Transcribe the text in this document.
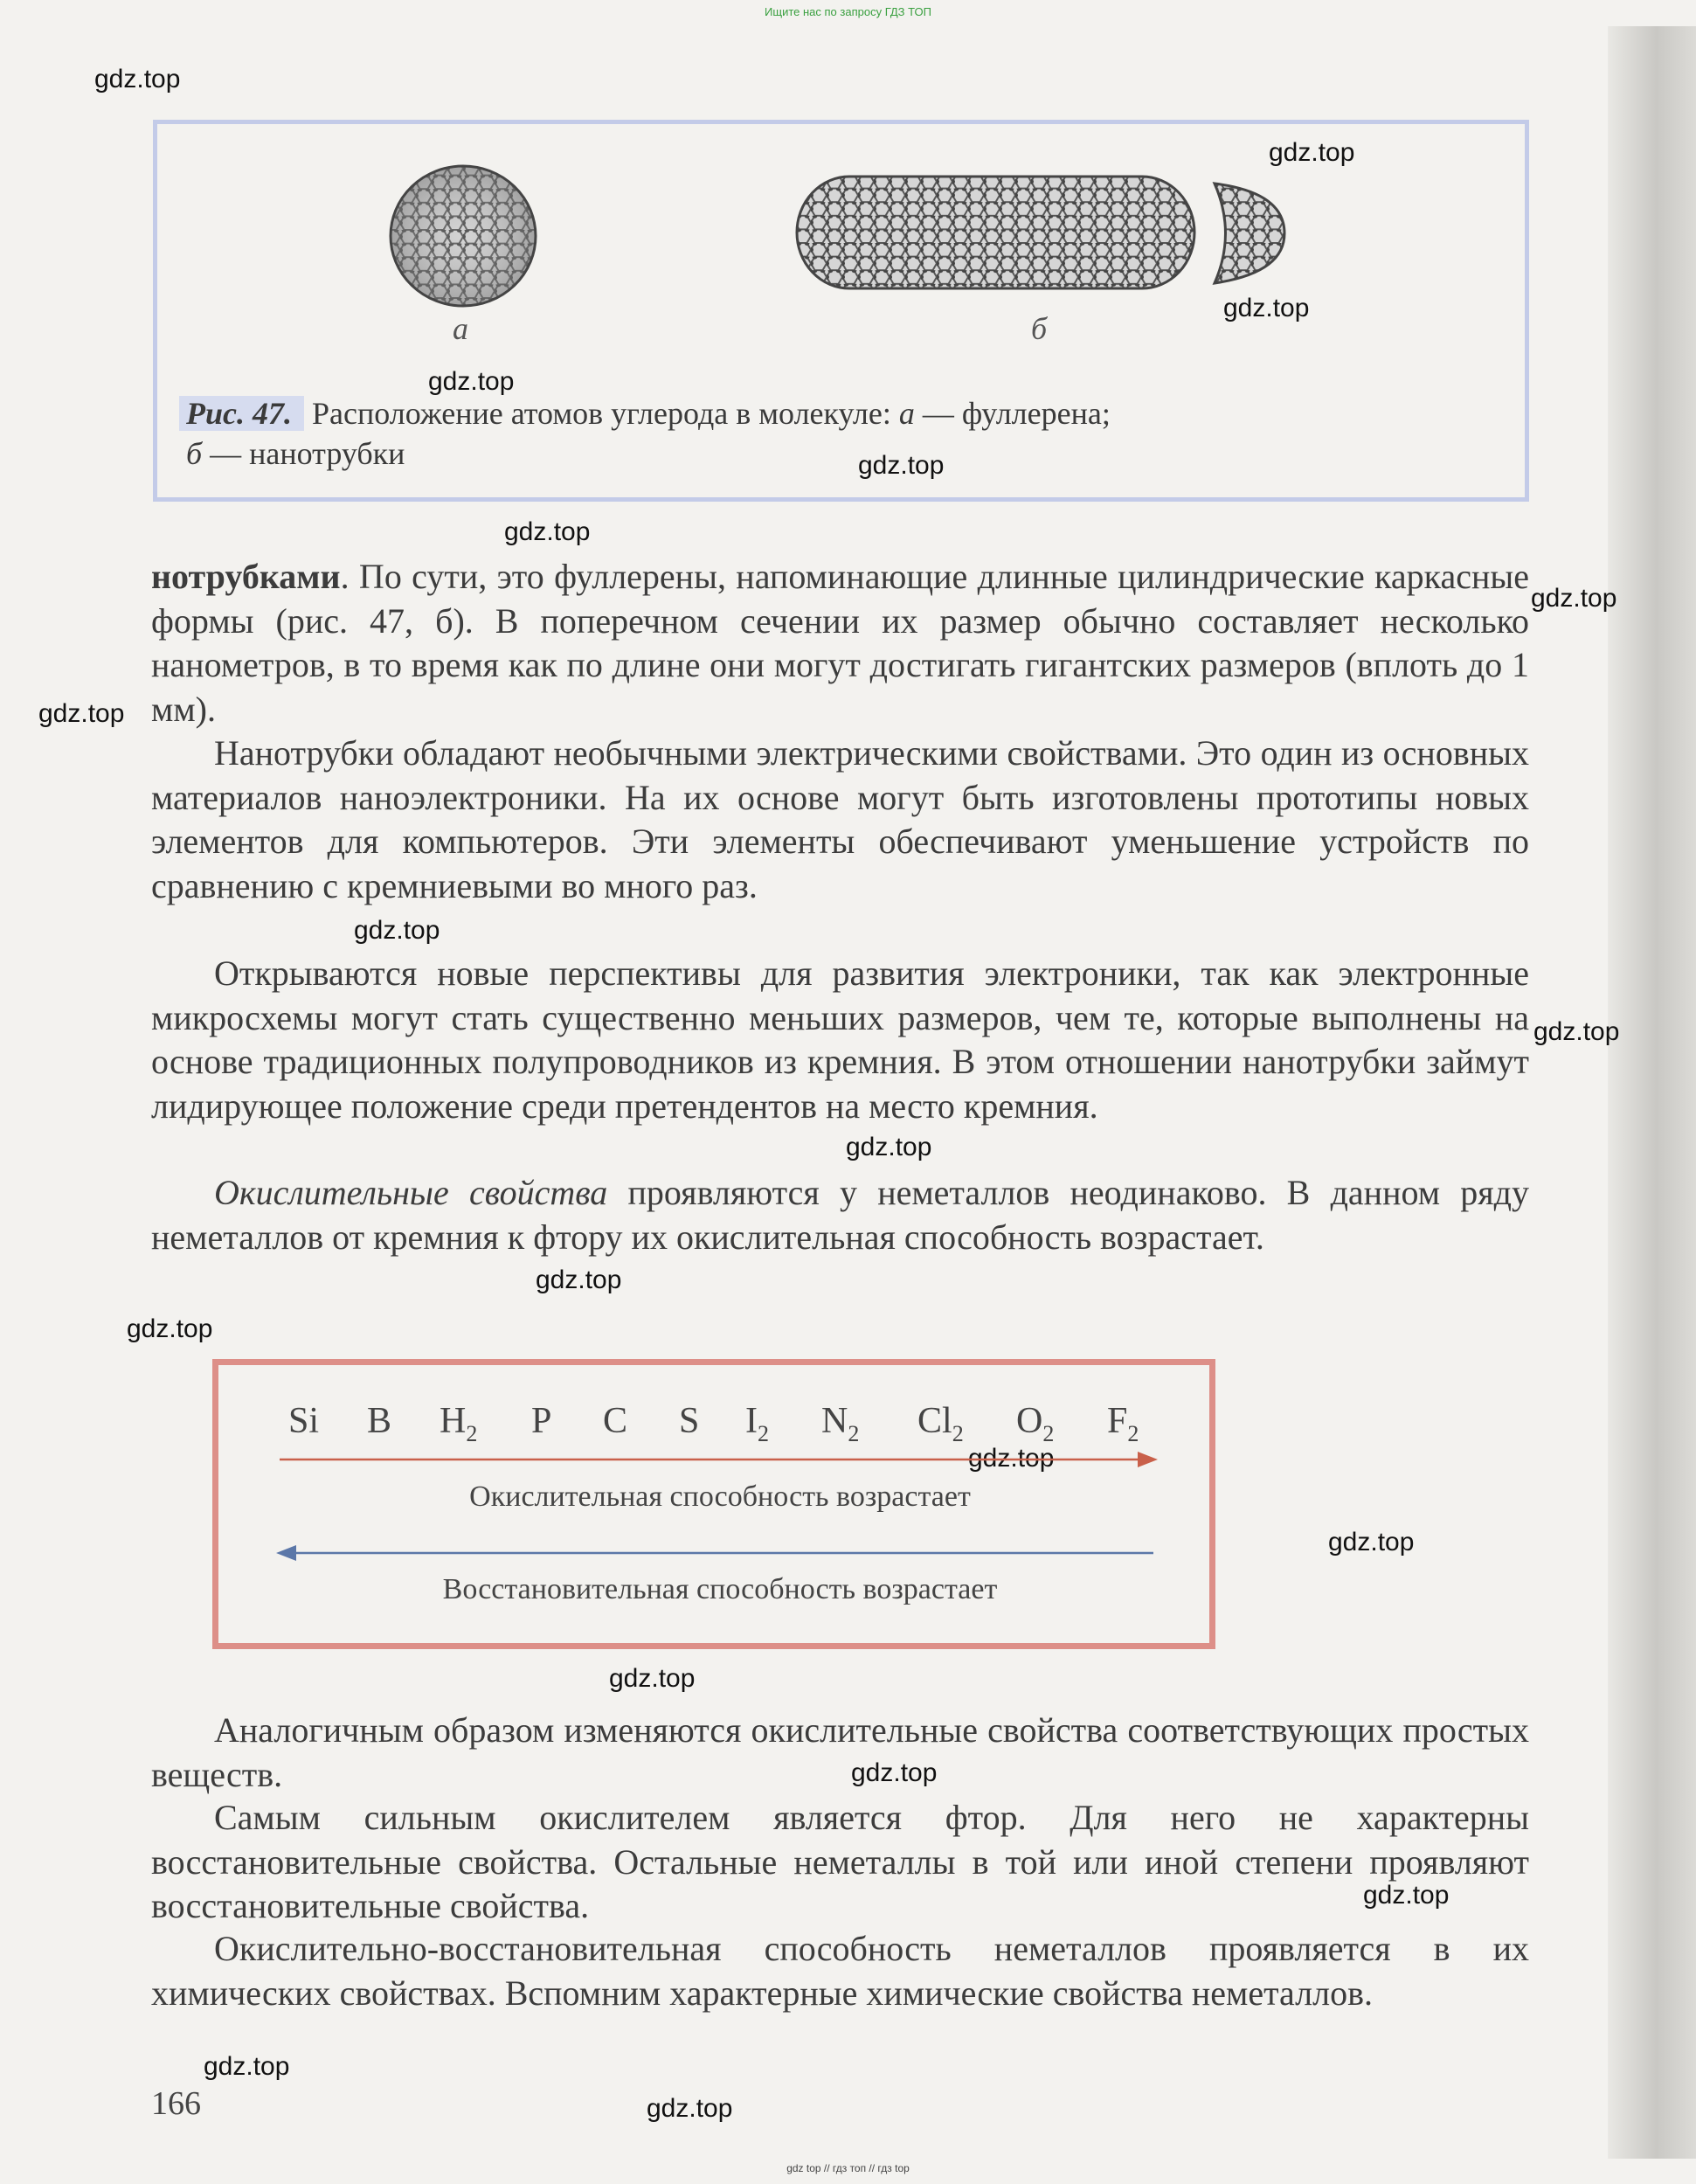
Ищите нас по запросу ГДЗ ТОП
gdz.top
gdz.top
gdz.top
gdz.top
gdz.top
gdz.top
gdz.top
gdz.top
gdz.top
gdz.top
gdz.top
gdz.top
gdz.top
gdz.top
gdz.top
gdz.top
gdz.top
gdz.top
gdz.top
gdz.top
а	б
Рис. 47. Расположение атомов углерода в молекуле: а — фуллерена;
б — нанотрубки

нотрубками. По сути, это фуллерены, напоминающие длинные цилиндрические каркасные формы (рис. 47, б). В поперечном сечении их размер обычно составляет несколько нанометров, в то время как по длине они могут достигать гигантских размеров (вплоть до 1 мм).

Нанотрубки обладают необычными электрическими свойствами. Это один из основных материалов наноэлектроники. На их основе могут быть изготовлены прототипы новых элементов для компьютеров. Эти элементы обеспечивают уменьшение устройств по сравнению с кремниевыми во много раз.

Открываются новые перспективы для развития электроники, так как электронные микросхемы могут стать существенно меньших размеров, чем те, которые выполнены на основе традиционных полупроводников из кремния. В этом отношении нанотрубки займут лидирующее положение среди претендентов на место кремния.

Окислительные свойства проявляются у неметаллов неодинаково. В данном ряду неметаллов от кремния к фтору их окислительная способность возрастает.

Si B $H_2$ P C S $I_2$ $N_2$ $Cl_2$ $O_2$ $F_2$
Окислительная способность возрастает
Восстановительная способность возрастает

Аналогичным образом изменяются окислительные свойства соответствующих простых веществ.

Самым сильным окислителем является фтор. Для него не характерны восстановительные свойства. Остальные неметаллы в той или иной степени проявляют восстановительные свойства.

Окислительно-восстановительная способность неметаллов проявляется в их химических свойствах. Вспомним характерные химические свойства неметаллов.

166
gdz top // гдз топ // гдз top
